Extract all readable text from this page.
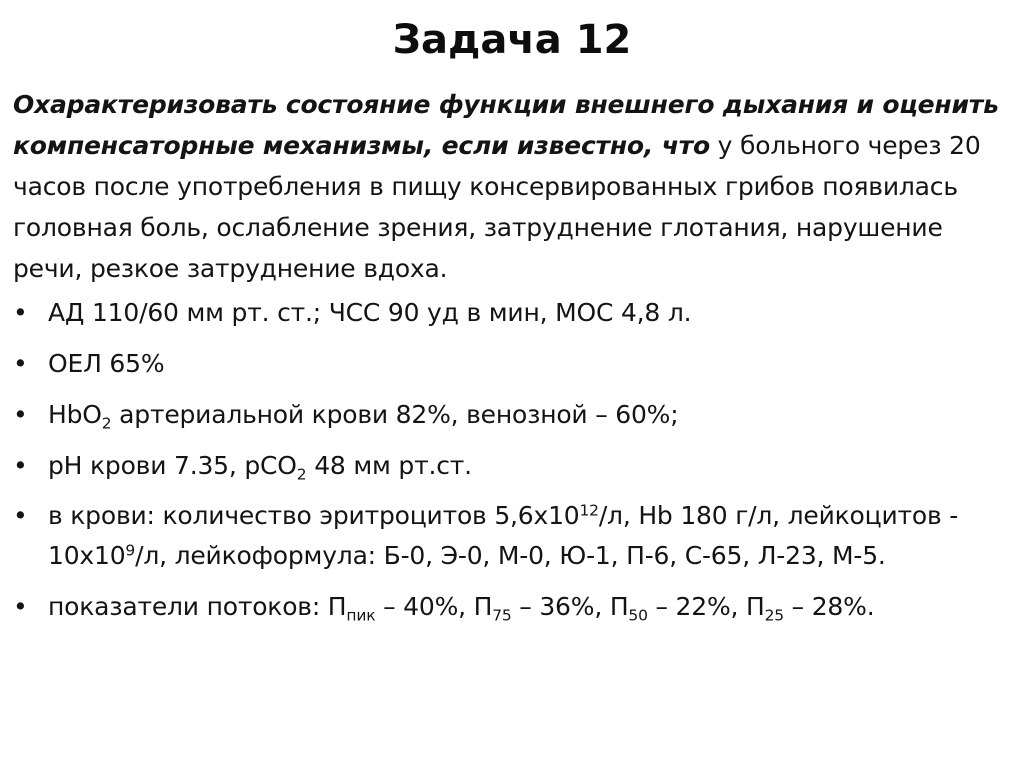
Задача 12

Охарактеризовать состояние функции внешнего дыхания и оценить компенсаторные механизмы, если известно, что у больного через 20 часов после употребления в пищу консервированных грибов появилась головная боль, ослабление зрения, затруднение глотания, нарушение речи, резкое затруднение вдоха.

• АД 110/60 мм рт. ст.; ЧСС 90 уд в мин, МОС 4,8 л.
• ОЕЛ 65%
• HbO$_2$ артериальной крови 82%, венозной – 60%;
• pH крови 7.35, pCO$_2$ 48 мм рт.ст.
• в крови: количество эритроцитов $5,6х10^{12}/л$, Hb 180 г/л, лейкоцитов - $10х10^9/л$, лейкоформула: Б-0, Э-0, М-0, Ю-1, П-6, С-65, Л-23, М-5.
• показатели потоков: $П_{пик} - 40\%$, $П_{75} - 36\%$, $П_{50} - 22\%$, $П_{25} - 28\%$.
